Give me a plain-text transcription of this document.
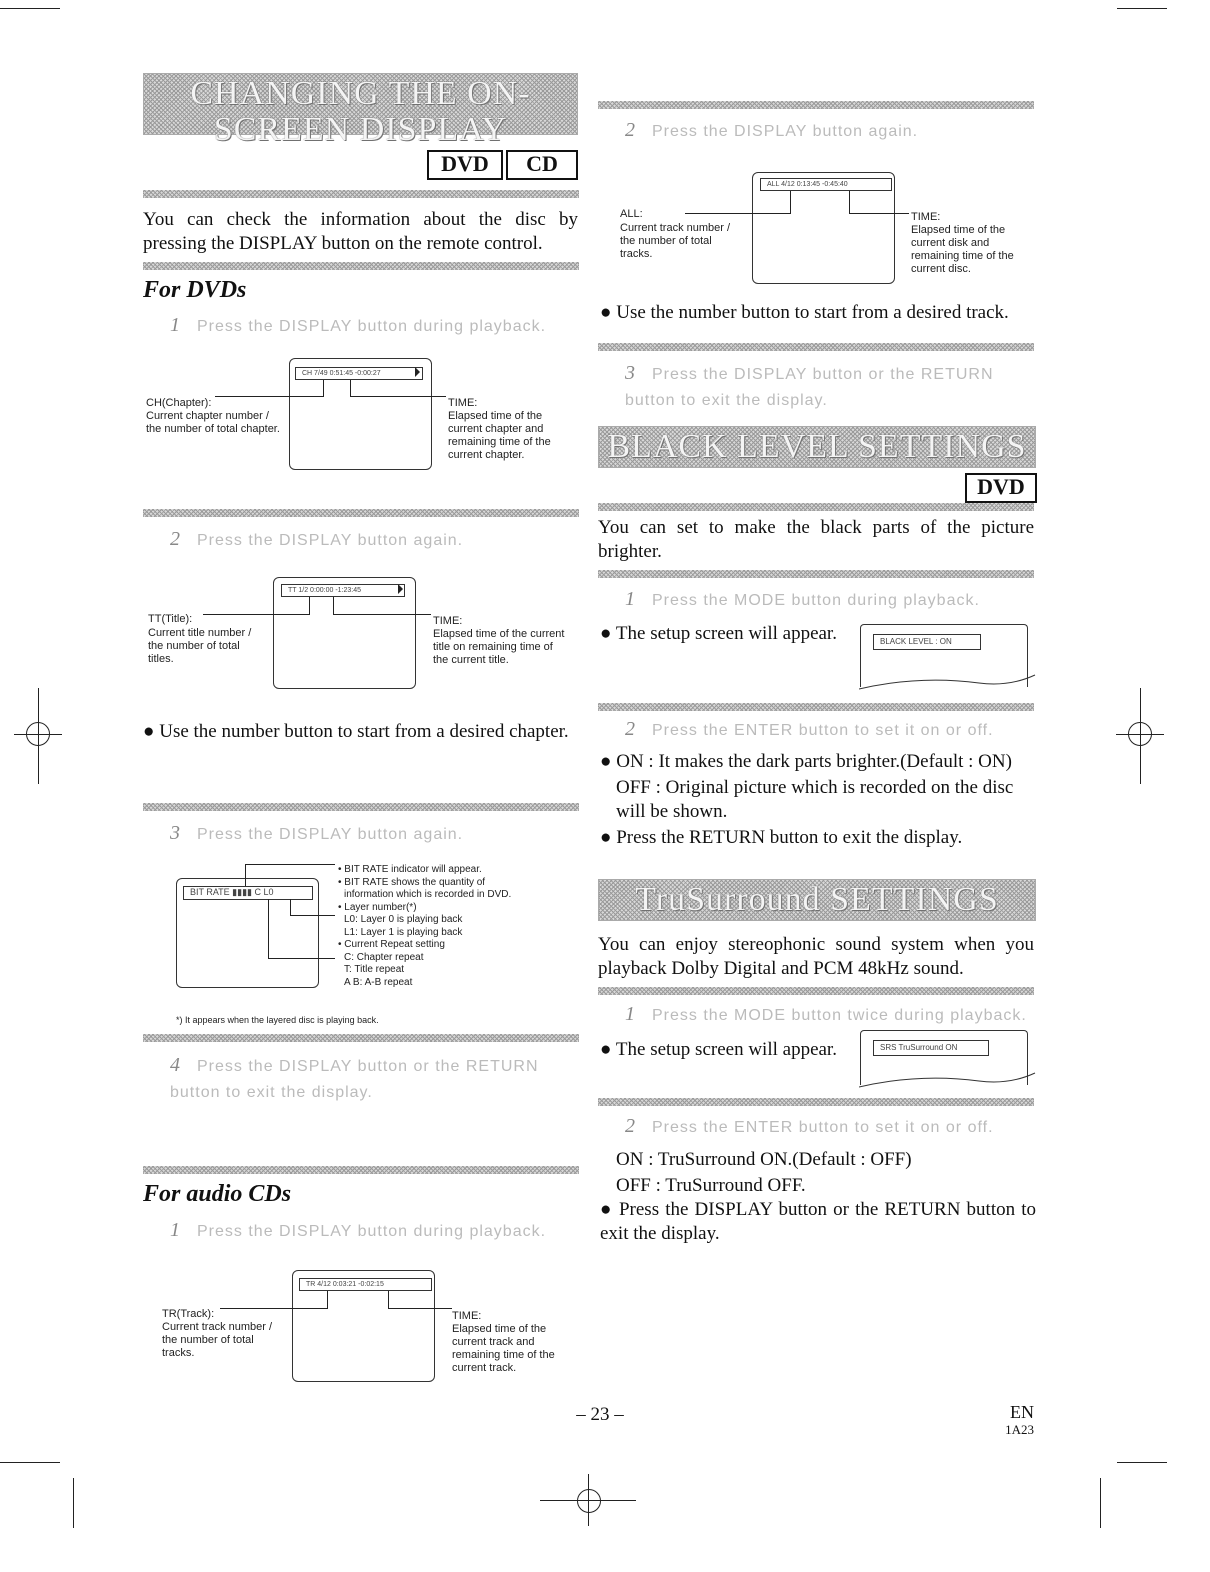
CHANGING THE ON-SCREEN DISPLAY
DVD	CD
You can check the information about the disc by pressing the DISPLAY button on the remote control.
For DVDs
1 Press the DISPLAY button during playback.
CH 7/49 0:51:45 -0:00:27
CH(Chapter):
Current chapter number / the number of total chapter.
TIME:
Elapsed time of the current chapter and remaining time of the current chapter.
2 Press the DISPLAY button again.
TT 1/2 0:00:00 -1:23:45
TT(Title):
Current title number / the number of total titles.
TIME:
Elapsed time of the current title on remaining time of the current title.
● Use the number button to start from a desired chapter.
3 Press the DISPLAY button again.
BIT RATE ▮▮▮▮ C L0
• BIT RATE indicator will appear.
• BIT RATE shows the quantity of
information which is recorded in DVD.
• Layer number(*)
L0: Layer 0 is playing back
L1: Layer 1 is playing back
• Current Repeat setting
C: Chapter repeat
T: Title repeat
A B: A-B repeat
*) It appears when the layered disc is playing back.
4 Press the DISPLAY button or the RETURN button to exit the display.
For audio CDs
1 Press the DISPLAY button during playback.
TR 4/12 0:03:21 -0:02:15
TR(Track):
Current track number / the number of total tracks.
TIME:
Elapsed time of the current track and remaining time of the current track.
2 Press the DISPLAY button again.
ALL 4/12 0:13:45 -0:45:40
ALL:
Current track number / the number of total tracks.
TIME:
Elapsed time of the current disk and remaining time of the current disc.
● Use the number button to start from a desired track.
3 Press the DISPLAY button or the RETURN button to exit the display.
BLACK LEVEL SETTINGS
DVD
You can set to make the black parts of the picture brighter.
1 Press the MODE button during playback.
● The setup screen will appear.	BLACK LEVEL : ON
2 Press the ENTER button to set it on or off.
● ON : It makes the dark parts brighter.(Default : ON)
OFF : Original picture which is recorded on the disc will be shown.
● Press the RETURN button to exit the display.
TruSurround SETTINGS
You can enjoy stereophonic sound system when you playback Dolby Digital and PCM 48kHz sound.
1 Press the MODE button twice during playback.
● The setup screen will appear.	SRS TruSurround ON
2 Press the ENTER button to set it on or off.
ON : TruSurround ON.(Default : OFF)
OFF : TruSurround OFF.
● Press the DISPLAY button or the RETURN button to exit the display.
– 23 –	EN
1A23
